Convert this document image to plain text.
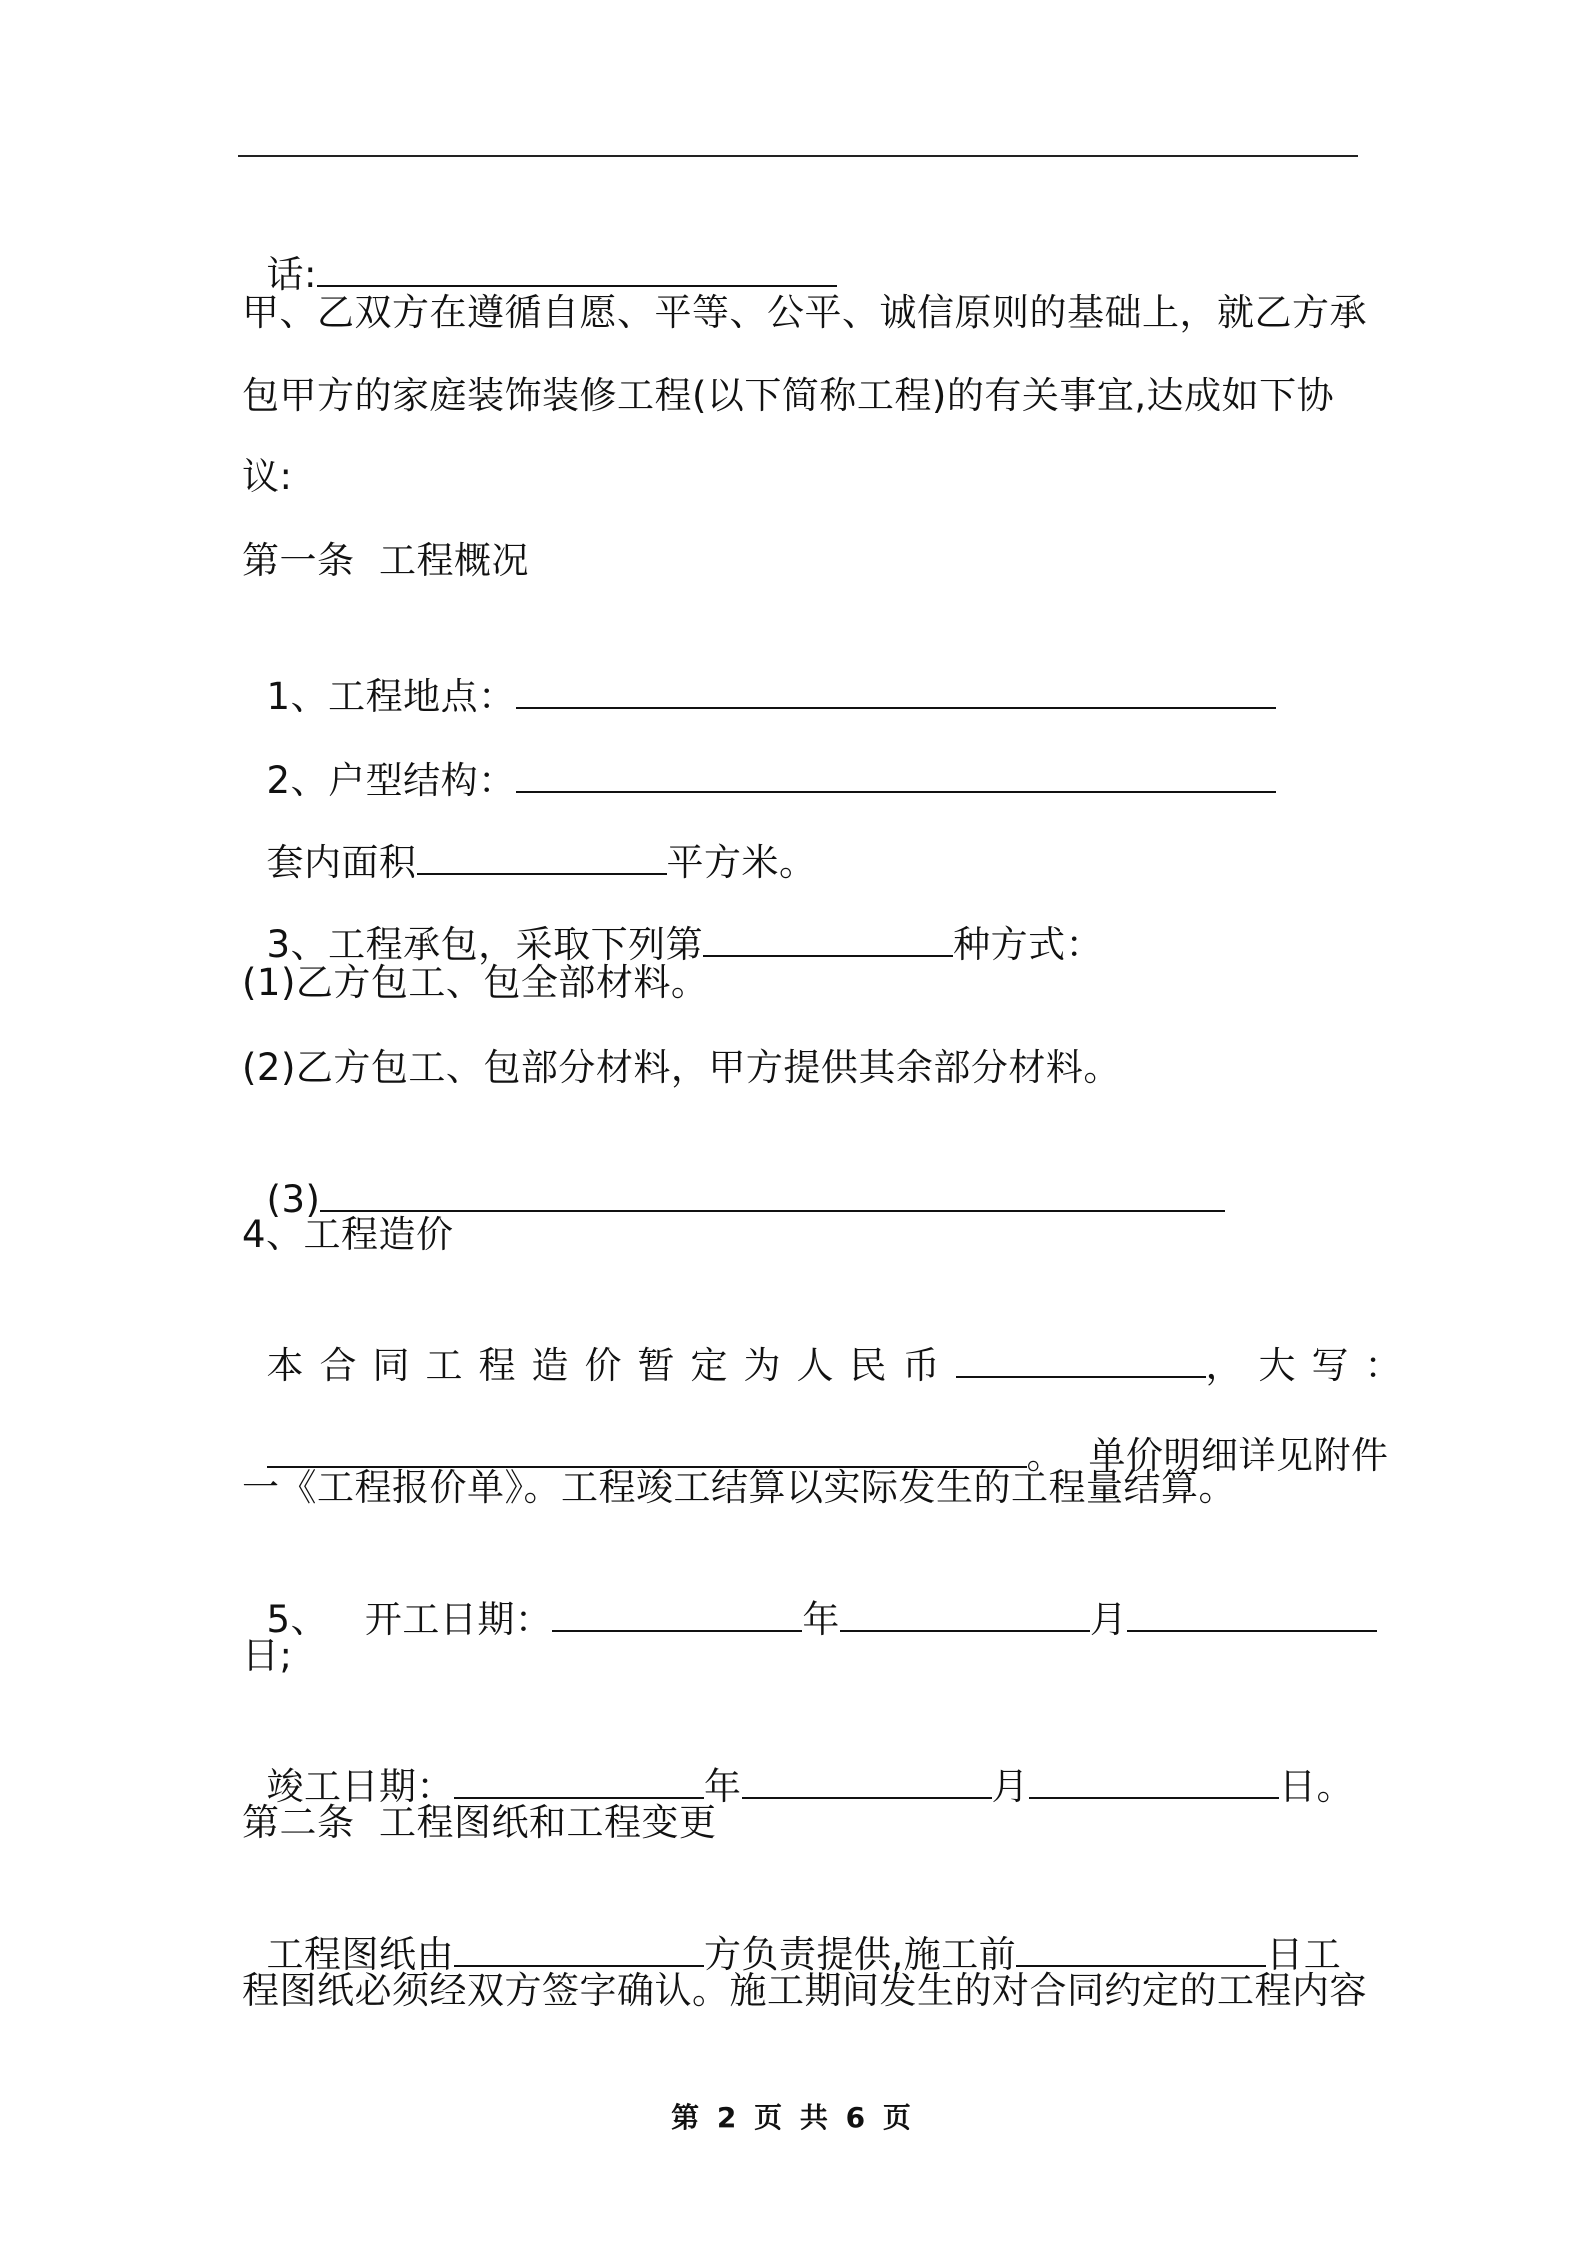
话:

甲、乙双方在遵循自愿、平等、公平、诚信原则的基础上，就乙方承
包甲方的家庭装饰装修工程(以下简称工程)的有关事宜,达成如下协
议:
第一条  工程概况

1、工程地点：

2、户型结构：

套内面积	平方米。

3、工程承包，采取下列第	种方式：

(1)乙方包工、包全部材料。
(2)乙方包工、包部分材料，甲方提供其余部分材料。

(3)

4、工程造价

本合同工程造价暂定为人民币	，大写：

。  单价明细详见附件

一《工程报价单》。工程竣工结算以实际发生的工程量结算。

5、   开工日期：	年	月

日;

竣工日期：	年	月	日。

第二条  工程图纸和工程变更

工程图纸由	方负责提供,施工前	日工

程图纸必须经双方签字确认。施工期间发生的对合同约定的工程内容
第 2 页 共 6 页
